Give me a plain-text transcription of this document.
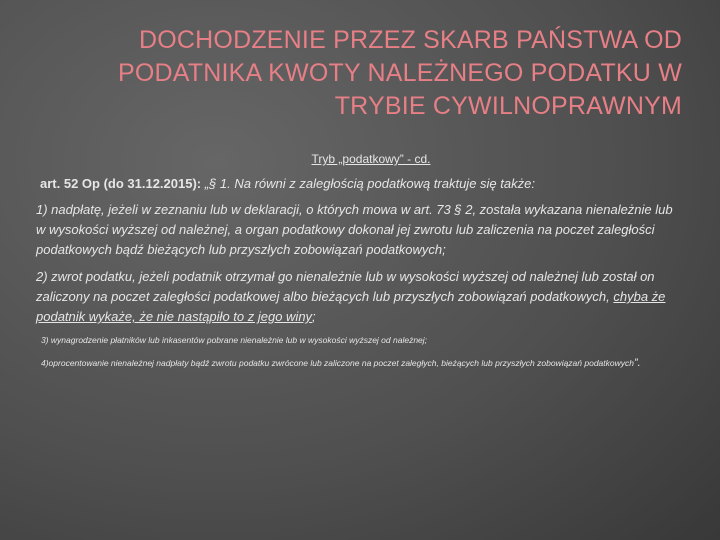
DOCHODZENIE PRZEZ SKARB PAŃSTWA OD PODATNIKA KWOTY NALEŻNEGO PODATKU W TRYBIE CYWILNOPRAWNYM
Tryb „podatkowy” - cd.
art. 52 Op (do 31.12.2015): „§ 1. Na równi z zaległością podatkową traktuje się także:
1) nadpłatę, jeżeli w zeznaniu lub w deklaracji, o których mowa w art. 73 § 2, została wykazana nienależnie lub w wysokości wyższej od należnej, a organ podatkowy dokonał jej zwrotu lub zaliczenia na poczet zaległości podatkowych bądź bieżących lub przyszłych zobowiązań podatkowych;
2) zwrot podatku, jeżeli podatnik otrzymał go nienależnie lub w wysokości wyższej od należnej lub został on zaliczony na poczet zaległości podatkowej albo bieżących lub przyszłych zobowiązań podatkowych, chyba że podatnik wykaże, że nie nastąpiło to z jego winy;
3) wynagrodzenie płatników lub inkasentów pobrane nienależnie lub w wysokości wyższej od należnej;
4)oprocentowanie nienależnej nadpłaty bądź zwrotu podatku zwrócone lub zaliczone na poczet zaległych, bieżących lub przyszłych zobowiązań podatkowych”.
